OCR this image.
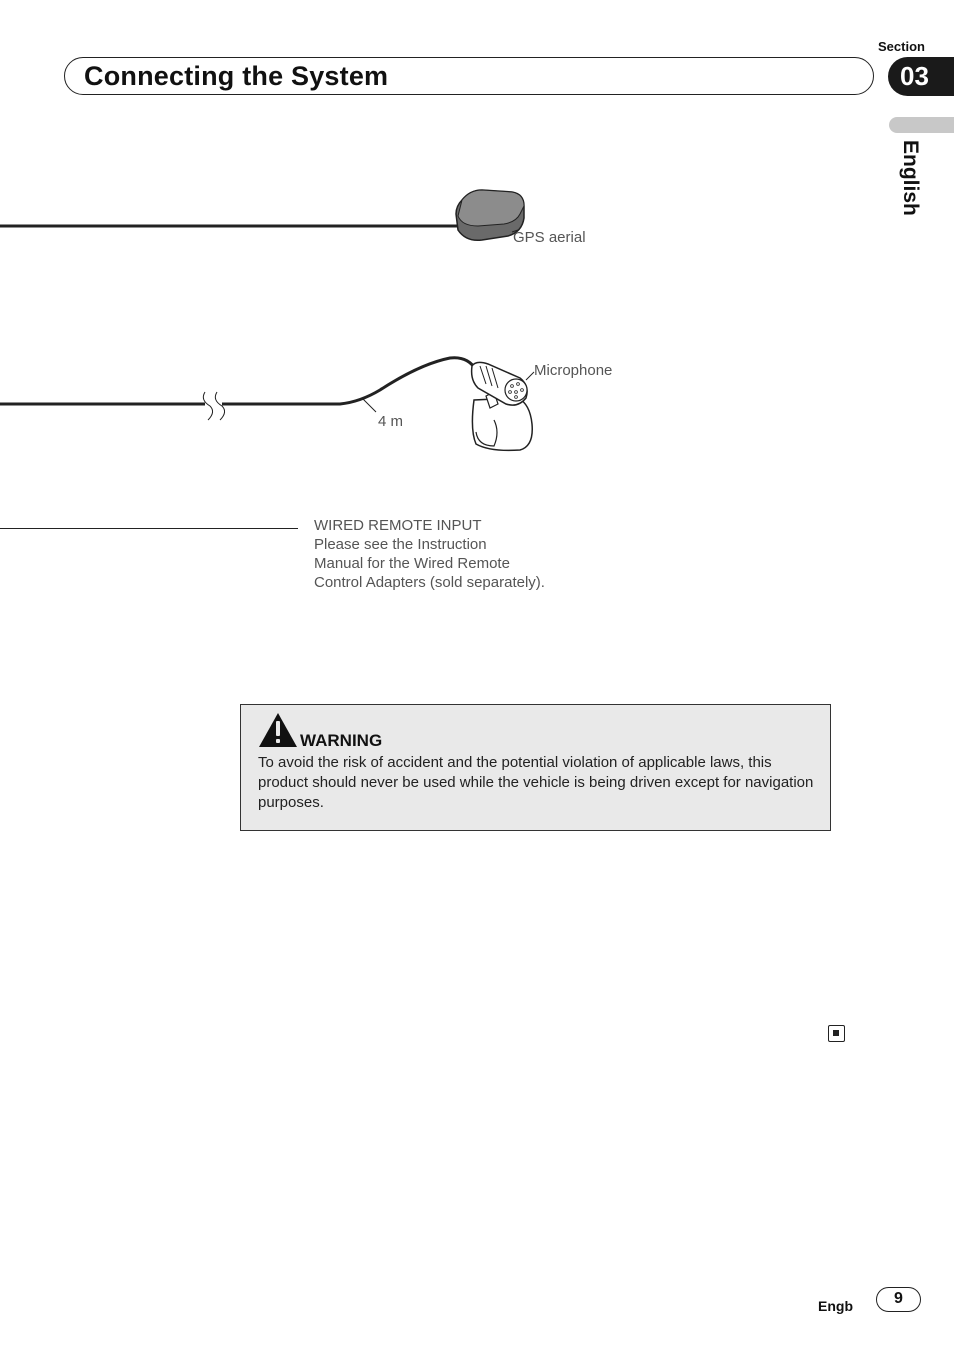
Connecting the System
Section
03
English
GPS aerial
Microphone
4 m
WIRED REMOTE INPUT
Please see the Instruction
Manual for the Wired Remote
Control Adapters (sold separately).
WARNING
To avoid the risk of accident and the potential violation of applicable laws, this product should never be used while the vehicle is being driven except for navigation purposes.
Engb	9
